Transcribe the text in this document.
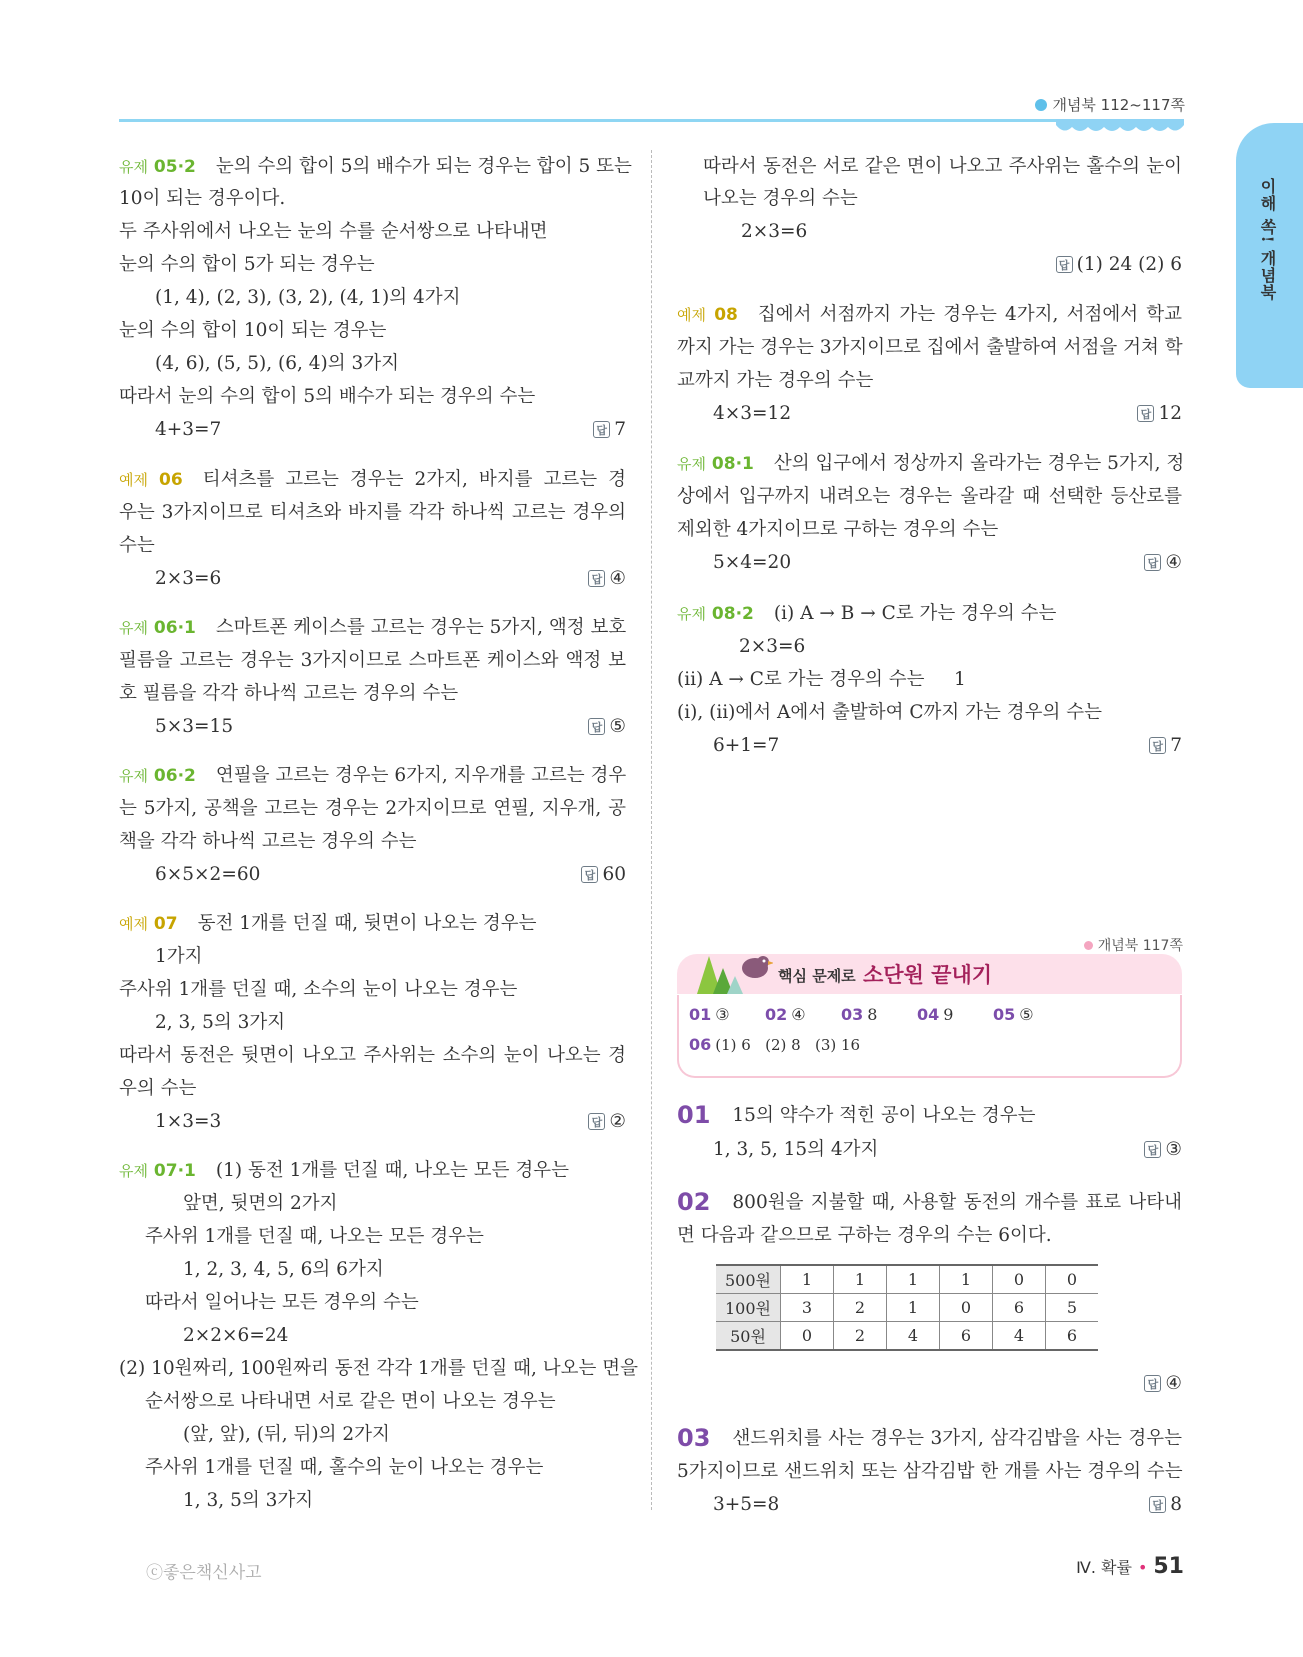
개념북 112~117쪽
이해 쏙! 개념북
유제 05·2 눈의 수의 합이 5의 배수가 되는 경우는 합이 5 또는
10이 되는 경우이다.
두 주사위에서 나오는 눈의 수를 순서쌍으로 나타내면
눈의 수의 합이 5가 되는 경우는
(1, 4), (2, 3), (3, 2), (4, 1)의 4가지
눈의 수의 합이 10이 되는 경우는
(4, 6), (5, 5), (6, 4)의 3가지
따라서 눈의 수의 합이 5의 배수가 되는 경우의 수는
4+3=7	답 7
예제 06 티셔츠를 고르는 경우는 2가지, 바지를 고르는 경
우는 3가지이므로 티셔츠와 바지를 각각 하나씩 고르는 경우의
수는
2×3=6	답 ④
유제 06·1 스마트폰 케이스를 고르는 경우는 5가지, 액정 보호
필름을 고르는 경우는 3가지이므로 스마트폰 케이스와 액정 보
호 필름을 각각 하나씩 고르는 경우의 수는
5×3=15	답 ⑤
유제 06·2 연필을 고르는 경우는 6가지, 지우개를 고르는 경우
는 5가지, 공책을 고르는 경우는 2가지이므로 연필, 지우개, 공
책을 각각 하나씩 고르는 경우의 수는
6×5×2=60	답 60
예제 07 동전 1개를 던질 때, 뒷면이 나오는 경우는
1가지
주사위 1개를 던질 때, 소수의 눈이 나오는 경우는
2, 3, 5의 3가지
따라서 동전은 뒷면이 나오고 주사위는 소수의 눈이 나오는 경
우의 수는
1×3=3	답 ②
유제 07·1 (1) 동전 1개를 던질 때, 나오는 모든 경우는
앞면, 뒷면의 2가지
주사위 1개를 던질 때, 나오는 모든 경우는
1, 2, 3, 4, 5, 6의 6가지
따라서 일어나는 모든 경우의 수는
2×2×6=24
(2) 10원짜리, 100원짜리 동전 각각 1개를 던질 때, 나오는 면을
순서쌍으로 나타내면 서로 같은 면이 나오는 경우는
(앞, 앞), (뒤, 뒤)의 2가지
주사위 1개를 던질 때, 홀수의 눈이 나오는 경우는
1, 3, 5의 3가지
따라서 동전은 서로 같은 면이 나오고 주사위는 홀수의 눈이
나오는 경우의 수는
2×3=6
답 (1) 24 (2) 6
예제 08 집에서 서점까지 가는 경우는 4가지, 서점에서 학교
까지 가는 경우는 3가지이므로 집에서 출발하여 서점을 거쳐 학
교까지 가는 경우의 수는
4×3=12	답 12
유제 08·1 산의 입구에서 정상까지 올라가는 경우는 5가지, 정
상에서 입구까지 내려오는 경우는 올라갈 때 선택한 등산로를
제외한 4가지이므로 구하는 경우의 수는
5×4=20	답 ④
유제 08·2 (ⅰ) A → B → C로 가는 경우의 수는
2×3=6
(ⅱ) A → C로 가는 경우의 수는     1
(ⅰ), (ⅱ)에서 A에서 출발하여 C까지 가는 경우의 수는
6+1=7	답 7
개념북 117쪽
핵심 문제로 소단원 끝내기
01 ③ 02 ④ 03 8 04 9 05 ⑤
06 (1) 6   (2) 8   (3) 16
01 15의 약수가 적힌 공이 나오는 경우는
1, 3, 5, 15의 4가지	답 ③
02 800원을 지불할 때, 사용할 동전의 개수를 표로 나타내
면 다음과 같으므로 구하는 경우의 수는 6이다.
답 ④
03 샌드위치를 사는 경우는 3가지, 삼각김밥을 사는 경우는
5가지이므로 샌드위치 또는 삼각김밥 한 개를 사는 경우의 수는
3+5=8	답 8
500원	1	1	1	1	0	0
100원	3	2	1	0	6	5
50원	0	2	4	6	4	6
ⓒ좋은책신사고	Ⅳ. 확률 • 51
